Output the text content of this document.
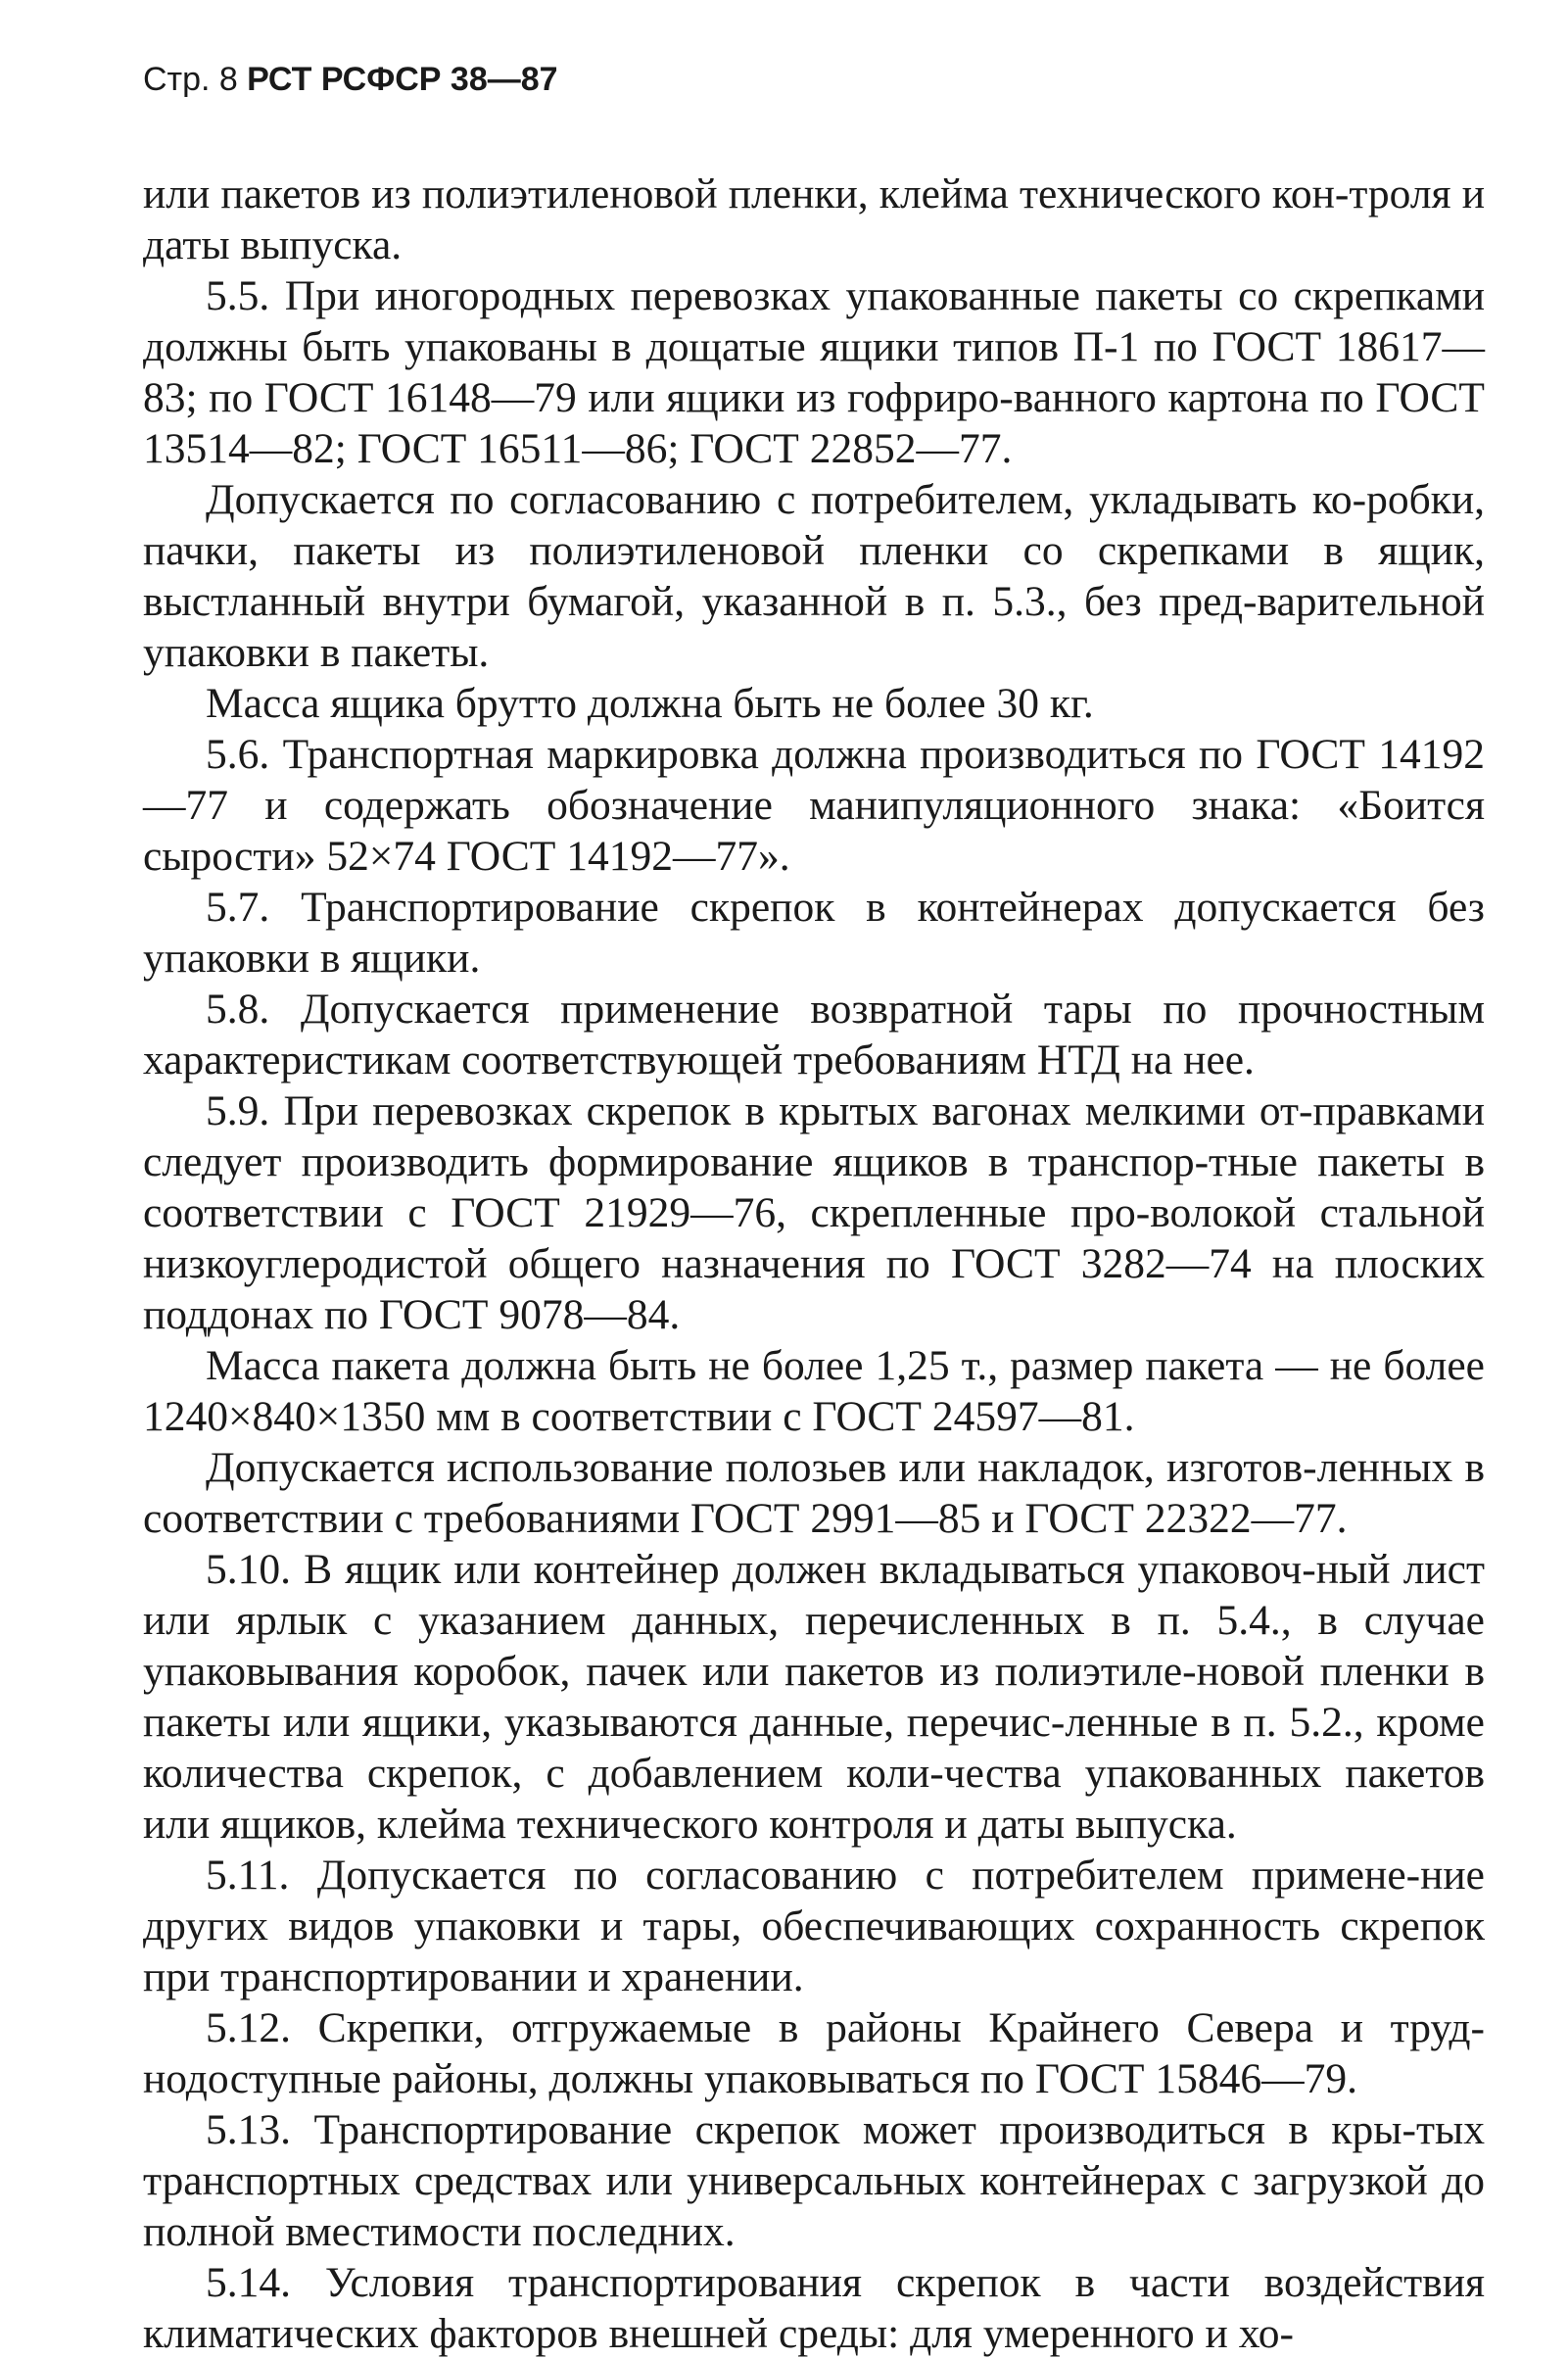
Стр. 8 РСТ РСФСР 38—87

или пакетов из полиэтиленовой пленки, клейма технического кон-троля и даты выпуска.

5.5. При иногородных перевозках упакованные пакеты со скрепками должны быть упакованы в дощатые ящики типов П-1 по ГОСТ 18617—83; по ГОСТ 16148—79 или ящики из гофриро-ванного картона по ГОСТ 13514—82; ГОСТ 16511—86; ГОСТ 22852—77.

Допускается по согласованию с потребителем, укладывать ко-робки, пачки, пакеты из полиэтиленовой пленки со скрепками в ящик, выстланный внутри бумагой, указанной в п. 5.3., без пред-варительной упаковки в пакеты.

Масса ящика брутто должна быть не более 30 кг.

5.6. Транспортная маркировка должна производиться по ГОСТ 14192—77 и содержать обозначение манипуляционного знака: «Боится сырости» 52×74 ГОСТ 14192—77».

5.7. Транспортирование скрепок в контейнерах допускается без упаковки в ящики.

5.8. Допускается применение возвратной тары по прочностным характеристикам соответствующей требованиям НТД на нее.

5.9. При перевозках скрепок в крытых вагонах мелкими от-правками следует производить формирование ящиков в транспор-тные пакеты в соответствии с ГОСТ 21929—76, скрепленные про-волокой стальной низкоуглеродистой общего назначения по ГОСТ 3282—74 на плоских поддонах по ГОСТ 9078—84.

Масса пакета должна быть не более 1,25 т., размер пакета — не более 1240×840×1350 мм в соответствии с ГОСТ 24597—81.

Допускается использование полозьев или накладок, изготов-ленных в соответствии с требованиями ГОСТ 2991—85 и ГОСТ 22322—77.

5.10. В ящик или контейнер должен вкладываться упаковоч-ный лист или ярлык с указанием данных, перечисленных в п. 5.4., в случае упаковывания коробок, пачек или пакетов из полиэтиле-новой пленки в пакеты или ящики, указываются данные, перечис-ленные в п. 5.2., кроме количества скрепок, с добавлением коли-чества упакованных пакетов или ящиков, клейма технического контроля и даты выпуска.

5.11. Допускается по согласованию с потребителем примене-ние других видов упаковки и тары, обеспечивающих сохранность скрепок при транспортировании и хранении.

5.12. Скрепки, отгружаемые в районы Крайнего Севера и труд-нодоступные районы, должны упаковываться по ГОСТ 15846—79.

5.13. Транспортирование скрепок может производиться в кры-тых транспортных средствах или универсальных контейнерах с загрузкой до полной вместимости последних.

5.14. Условия транспортирования скрепок в части воздействия климатических факторов внешней среды: для умеренного и хо-
